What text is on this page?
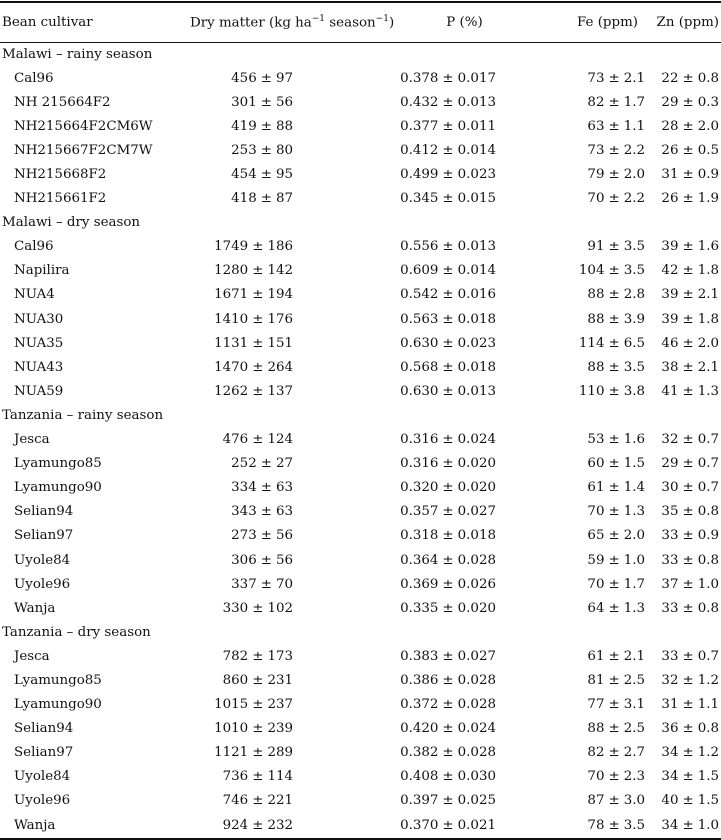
Bean cultivar	Dry matter (kg $ha^{-1}$ season$^{-1}$)	P (%)	Fe (ppm)	Zn (ppm)
Malawi – rainy season				
Cal96	456 ± 97	0.378 ± 0.017	73 ± 2.1	22 ± 0.8
NH 215664F2	301 ± 56	0.432 ± 0.013	82 ± 1.7	29 ± 0.3
NH215664F2CM6W	419 ± 88	0.377 ± 0.011	63 ± 1.1	28 ± 2.0
NH215667F2CM7W	253 ± 80	0.412 ± 0.014	73 ± 2.2	26 ± 0.5
NH215668F2	454 ± 95	0.499 ± 0.023	79 ± 2.0	31 ± 0.9
NH215661F2	418 ± 87	0.345 ± 0.015	70 ± 2.2	26 ± 1.9
Malawi – dry season				
Cal96	1749 ± 186	0.556 ± 0.013	91 ± 3.5	39 ± 1.6
Napilira	1280 ± 142	0.609 ± 0.014	104 ± 3.5	42 ± 1.8
NUA4	1671 ± 194	0.542 ± 0.016	88 ± 2.8	39 ± 2.1
NUA30	1410 ± 176	0.563 ± 0.018	88 ± 3.9	39 ± 1.8
NUA35	1131 ± 151	0.630 ± 0.023	114 ± 6.5	46 ± 2.0
NUA43	1470 ± 264	0.568 ± 0.018	88 ± 3.5	38 ± 2.1
NUA59	1262 ± 137	0.630 ± 0.013	110 ± 3.8	41 ± 1.3
Tanzania – rainy season				
Jesca	476 ± 124	0.316 ± 0.024	53 ± 1.6	32 ± 0.7
Lyamungo85	252 ± 27	0.316 ± 0.020	60 ± 1.5	29 ± 0.7
Lyamungo90	334 ± 63	0.320 ± 0.020	61 ± 1.4	30 ± 0.7
Selian94	343 ± 63	0.357 ± 0.027	70 ± 1.3	35 ± 0.8
Selian97	273 ± 56	0.318 ± 0.018	65 ± 2.0	33 ± 0.9
Uyole84	306 ± 56	0.364 ± 0.028	59 ± 1.0	33 ± 0.8
Uyole96	337 ± 70	0.369 ± 0.026	70 ± 1.7	37 ± 1.0
Wanja	330 ± 102	0.335 ± 0.020	64 ± 1.3	33 ± 0.8
Tanzania – dry season				
Jesca	782 ± 173	0.383 ± 0.027	61 ± 2.1	33 ± 0.7
Lyamungo85	860 ± 231	0.386 ± 0.028	81 ± 2.5	32 ± 1.2
Lyamungo90	1015 ± 237	0.372 ± 0.028	77 ± 3.1	31 ± 1.1
Selian94	1010 ± 239	0.420 ± 0.024	88 ± 2.5	36 ± 0.8
Selian97	1121 ± 289	0.382 ± 0.028	82 ± 2.7	34 ± 1.2
Uyole84	736 ± 114	0.408 ± 0.030	70 ± 2.3	34 ± 1.5
Uyole96	746 ± 221	0.397 ± 0.025	87 ± 3.0	40 ± 1.5
Wanja	924 ± 232	0.370 ± 0.021	78 ± 3.5	34 ± 1.0
